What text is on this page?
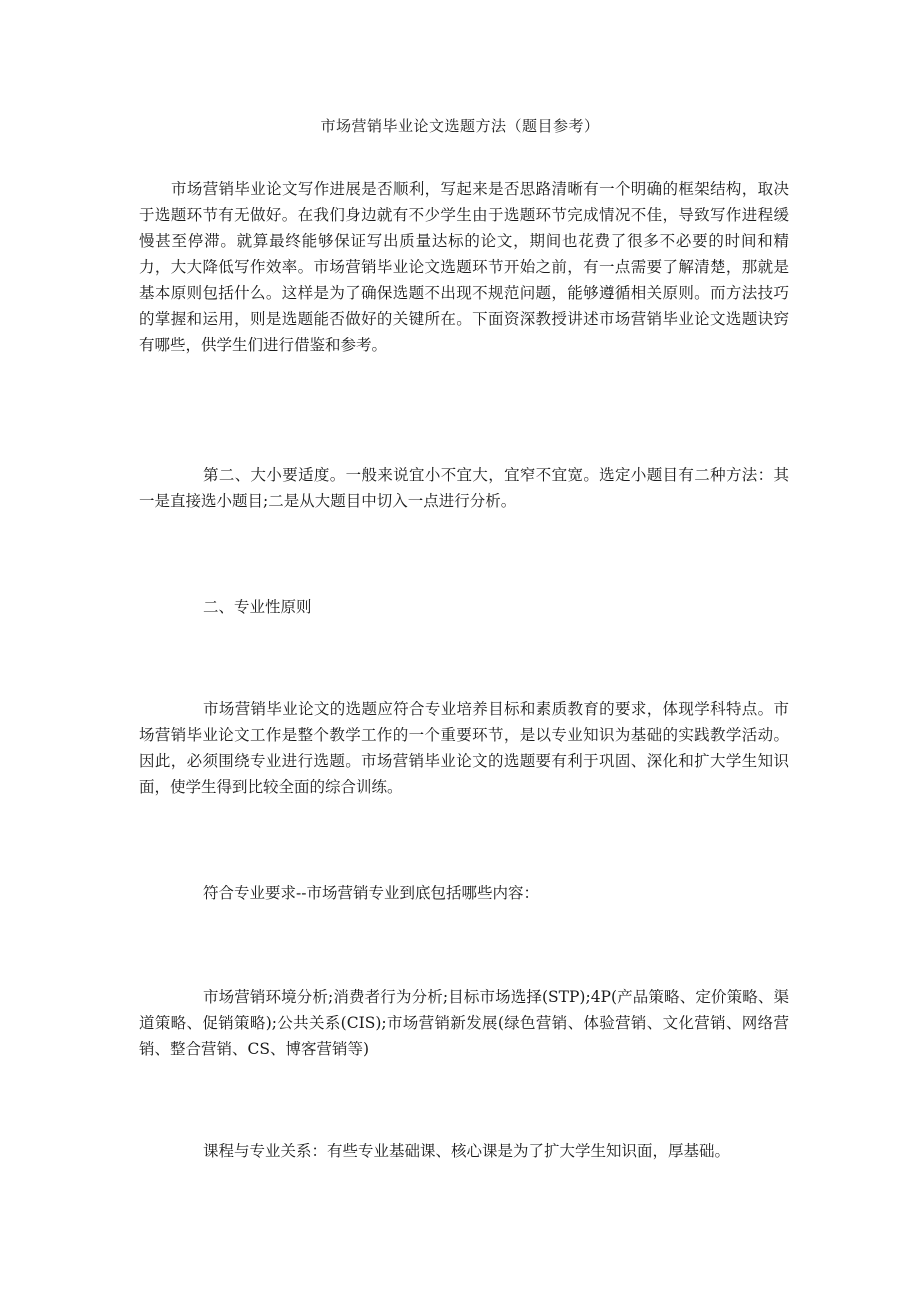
市场营销毕业论文选题方法（题目参考）

市场营销毕业论文写作进展是否顺利，写起来是否思路清晰有一个明确的框架结构，取决于选题环节有无做好。在我们身边就有不少学生由于选题环节完成情况不佳，导致写作进程缓慢甚至停滞。就算最终能够保证写出质量达标的论文，期间也花费了很多不必要的时间和精力，大大降低写作效率。市场营销毕业论文选题环节开始之前，有一点需要了解清楚，那就是基本原则包括什么。这样是为了确保选题不出现不规范问题，能够遵循相关原则。而方法技巧的掌握和运用，则是选题能否做好的关键所在。下面资深教授讲述市场营销毕业论文选题诀窍有哪些，供学生们进行借鉴和参考。

第二、大小要适度。一般来说宜小不宜大，宜窄不宜宽。选定小题目有二种方法：其一是直接选小题目;二是从大题目中切入一点进行分析。

二、专业性原则

市场营销毕业论文的选题应符合专业培养目标和素质教育的要求，体现学科特点。市场营销毕业论文工作是整个教学工作的一个重要环节，是以专业知识为基础的实践教学活动。因此，必须围绕专业进行选题。市场营销毕业论文的选题要有利于巩固、深化和扩大学生知识面，使学生得到比较全面的综合训练。

符合专业要求--市场营销专业到底包括哪些内容：

市场营销环境分析;消费者行为分析;目标市场选择(STP);4P(产品策略、定价策略、渠道策略、促销策略);公共关系(CIS);市场营销新发展(绿色营销、体验营销、文化营销、网络营销、整合营销、CS、博客营销等)

课程与专业关系：有些专业基础课、核心课是为了扩大学生知识面，厚基础。
